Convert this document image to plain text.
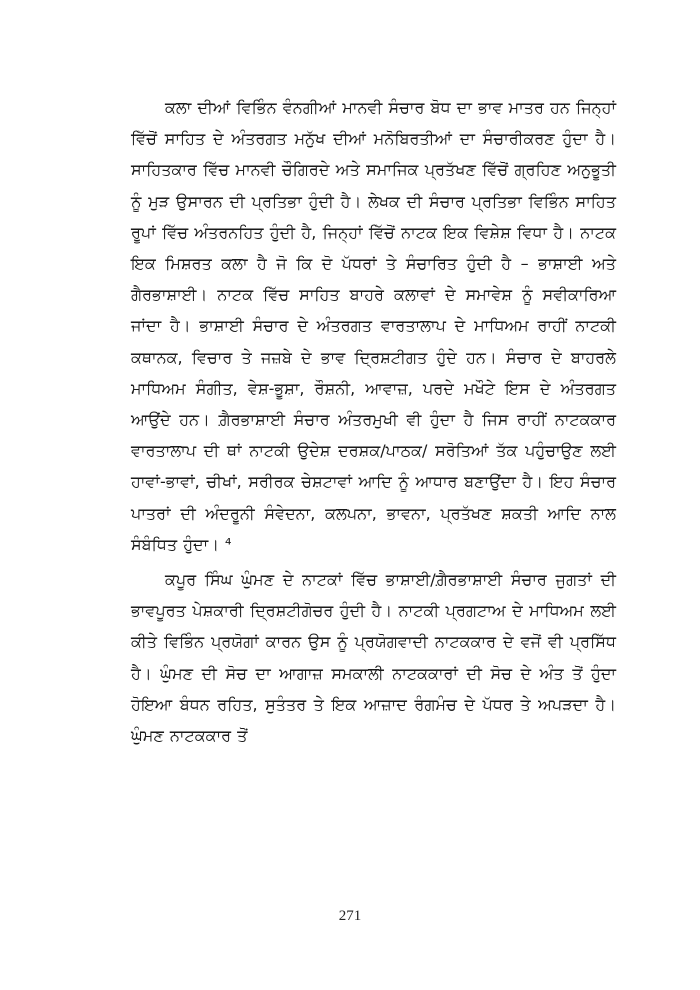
ਕਲਾ ਦੀਆਂ ਵਿਭਿੰਨ ਵੰਨਗੀਆਂ ਮਾਨਵੀ ਸੰਚਾਰ ਬੋਧ ਦਾ ਭਾਵ ਮਾਤਰ ਹਨ ਜਿਨ੍ਹਾਂ ਵਿੱਚੋਂ ਸਾਹਿਤ ਦੇ ਅੰਤਰਗਤ ਮਨੁੱਖ ਦੀਆਂ ਮਨੋਬਿਰਤੀਆਂ ਦਾ ਸੰਚਾਰੀਕਰਣ ਹੁੰਦਾ ਹੈ। ਸਾਹਿਤਕਾਰ ਵਿੱਚ ਮਾਨਵੀ ਚੌਗਿਰਦੇ ਅਤੇ ਸਮਾਜਿਕ ਪ੍ਰਤੱਖਣ ਵਿੱਚੋਂ ਗ੍ਰਹਿਣ ਅਨੁਭੂਤੀ ਨੂੰ ਮੁੜ ਉਸਾਰਨ ਦੀ ਪ੍ਰਤਿਭਾ ਹੁੰਦੀ ਹੈ। ਲੇਖਕ ਦੀ ਸੰਚਾਰ ਪ੍ਰਤਿਭਾ ਵਿਭਿੰਨ ਸਾਹਿਤ ਰੂਪਾਂ ਵਿੱਚ ਅੰਤਰਨਹਿਤ ਹੁੰਦੀ ਹੈ, ਜਿਨ੍ਹਾਂ ਵਿੱਚੋਂ ਨਾਟਕ ਇਕ ਵਿਸ਼ੇਸ਼ ਵਿਧਾ ਹੈ। ਨਾਟਕ ਇਕ ਮਿਸ਼ਰਤ ਕਲਾ ਹੈ ਜੋ ਕਿ ਦੋ ਪੱਧਰਾਂ ਤੇ ਸੰਚਾਰਿਤ ਹੁੰਦੀ ਹੈ – ਭਾਸ਼ਾਈ ਅਤੇ ਗੈਰਭਾਸ਼ਾਈ। ਨਾਟਕ ਵਿੱਚ ਸਾਹਿਤ ਬਾਹਰੇ ਕਲਾਵਾਂ ਦੇ ਸਮਾਵੇਸ਼ ਨੂੰ ਸਵੀਕਾਰਿਆ ਜਾਂਦਾ ਹੈ। ਭਾਸ਼ਾਈ ਸੰਚਾਰ ਦੇ ਅੰਤਰਗਤ ਵਾਰਤਾਲਾਪ ਦੇ ਮਾਧਿਅਮ ਰਾਹੀਂ ਨਾਟਕੀ ਕਥਾਨਕ, ਵਿਚਾਰ ਤੇ ਜਜ਼ਬੇ ਦੇ ਭਾਵ ਦ੍ਰਿਸ਼ਟੀਗਤ ਹੁੰਦੇ ਹਨ। ਸੰਚਾਰ ਦੇ ਬਾਹਰਲੇ ਮਾਧਿਅਮ ਸੰਗੀਤ, ਵੇਸ਼-ਭੂਸ਼ਾ, ਰੌਸ਼ਨੀ, ਆਵਾਜ਼, ਪਰਦੇ ਮਖੌਟੇ ਇਸ ਦੇ ਅੰਤਰਗਤ ਆਉਂਦੇ ਹਨ। ਗ਼ੈਰਭਾਸ਼ਾਈ ਸੰਚਾਰ ਅੰਤਰਮੁਖੀ ਵੀ ਹੁੰਦਾ ਹੈ ਜਿਸ ਰਾਹੀਂ ਨਾਟਕਕਾਰ ਵਾਰਤਾਲਾਪ ਦੀ ਥਾਂ ਨਾਟਕੀ ਉਦੇਸ਼ ਦਰਸ਼ਕ/ਪਾਠਕ/ ਸਰੋਤਿਆਂ ਤੱਕ ਪਹੁੰਚਾਉਣ ਲਈ ਹਾਵਾਂ-ਭਾਵਾਂ, ਚੀਖਾਂ, ਸਰੀਰਕ ਚੇਸ਼ਟਾਵਾਂ ਆਦਿ ਨੂੰ ਆਧਾਰ ਬਣਾਉਂਦਾ ਹੈ। ਇਹ ਸੰਚਾਰ ਪਾਤਰਾਂ ਦੀ ਅੰਦਰੂਨੀ ਸੰਵੇਦਨਾ, ਕਲਪਨਾ, ਭਾਵਨਾ, ਪ੍ਰਤੱਖਣ ਸ਼ਕਤੀ ਆਦਿ ਨਾਲ ਸੰਬੰਧਿਤ ਹੁੰਦਾ। ⁴

ਕਪੂਰ ਸਿੰਘ ਘੁੰਮਣ ਦੇ ਨਾਟਕਾਂ ਵਿੱਚ ਭਾਸ਼ਾਈ/ਗ਼ੈਰਭਾਸ਼ਾਈ ਸੰਚਾਰ ਜੁਗਤਾਂ ਦੀ ਭਾਵਪੂਰਤ ਪੇਸ਼ਕਾਰੀ ਦ੍ਰਿਸ਼ਟੀਗੋਚਰ ਹੁੰਦੀ ਹੈ। ਨਾਟਕੀ ਪ੍ਰਗਟਾਅ ਦੇ ਮਾਧਿਅਮ ਲਈ ਕੀਤੇ ਵਿਭਿੰਨ ਪ੍ਰਯੋਗਾਂ ਕਾਰਨ ਉਸ ਨੂੰ ਪ੍ਰਯੋਗਵਾਦੀ ਨਾਟਕਕਾਰ ਦੇ ਵਜੋਂ ਵੀ ਪ੍ਰਸਿੱਧ ਹੈ। ਘੁੰਮਣ ਦੀ ਸੋਚ ਦਾ ਆਗਾਜ਼ ਸਮਕਾਲੀ ਨਾਟਕਕਾਰਾਂ ਦੀ ਸੋਚ ਦੇ ਅੰਤ ਤੋਂ ਹੁੰਦਾ ਹੋਇਆ ਬੰਧਨ ਰਹਿਤ, ਸੁਤੰਤਰ ਤੇ ਇਕ ਆਜ਼ਾਦ ਰੰਗਮੰਚ ਦੇ ਪੱਧਰ ਤੇ ਅਪੜਦਾ ਹੈ। ਘੁੰਮਣ ਨਾਟਕਕਾਰ ਤੋਂ

271
